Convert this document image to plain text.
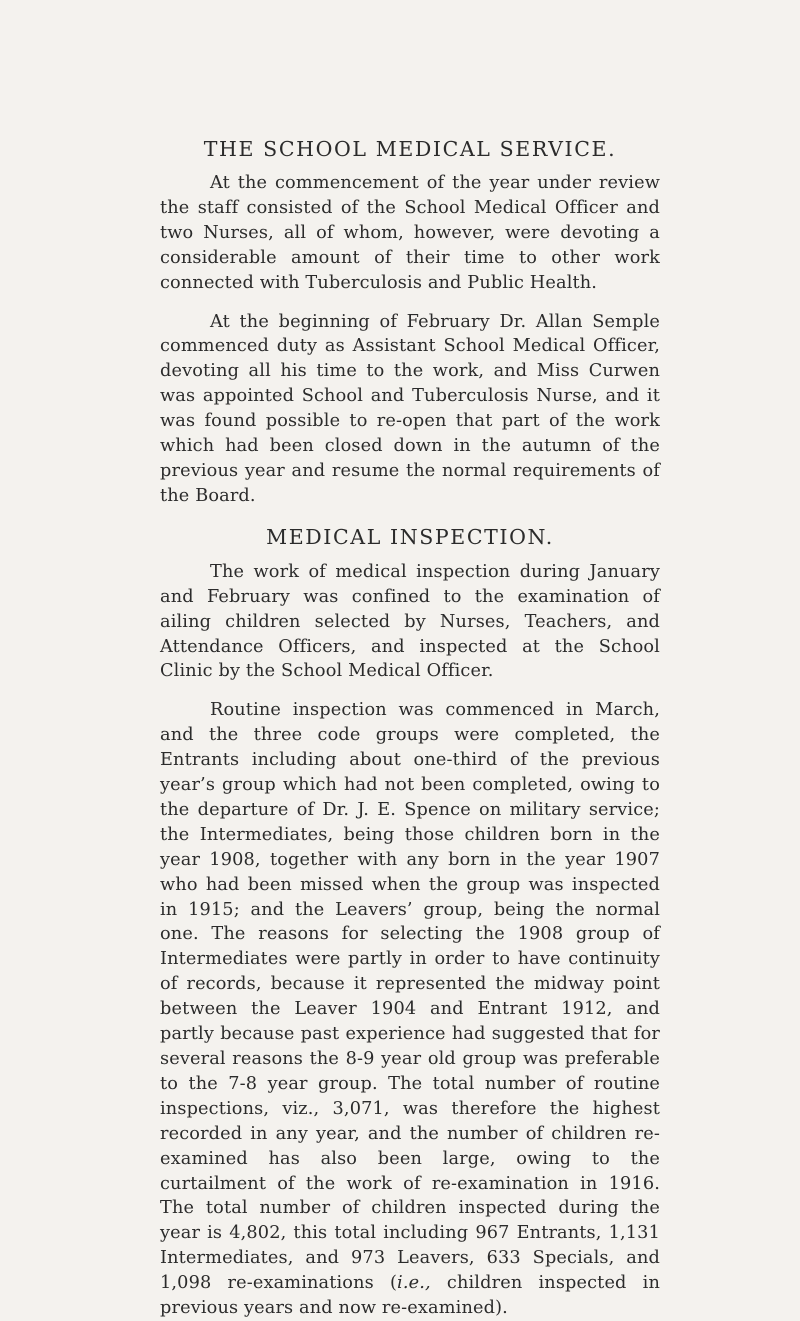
THE SCHOOL MEDICAL SERVICE.

At the commencement of the year under review the staff consisted of the School Medical Officer and two Nurses, all of whom, however, were devoting a considerable amount of their time to other work connected with Tuberculosis and Public Health.

At the beginning of February Dr. Allan Semple commenced duty as Assistant School Medical Officer, devoting all his time to the work, and Miss Curwen was appointed School and Tuberculosis Nurse, and it was found possible to re-open that part of the work which had been closed down in the autumn of the previous year and resume the normal requirements of the Board.

MEDICAL INSPECTION.

The work of medical inspection during January and February was confined to the examination of ailing children selected by Nurses, Teachers, and Attendance Officers, and inspected at the School Clinic by the School Medical Officer.

Routine inspection was commenced in March, and the three code groups were completed, the Entrants including about one-third of the previous year’s group which had not been completed, owing to the departure of Dr. J. E. Spence on military service; the Intermediates, being those children born in the year 1908, together with any born in the year 1907 who had been missed when the group was inspected in 1915; and the Leavers’ group, being the normal one. The reasons for selecting the 1908 group of Intermediates were partly in order to have continuity of records, because it represented the midway point between the Leaver 1904 and Entrant 1912, and partly because past experience had suggested that for several reasons the 8-9 year old group was preferable to the 7-8 year group. The total number of routine inspections, viz., 3,071, was therefore the highest recorded in any year, and the number of children re-examined has also been large, owing to the curtailment of the work of re-examination in 1916. The total number of children inspected during the year is 4,802, this total including 967 Entrants, 1,131 Intermediates, and 973 Leavers, 633 Specials, and 1,098 re-examinations (i.e., children inspected in previous years and now re-examined).
